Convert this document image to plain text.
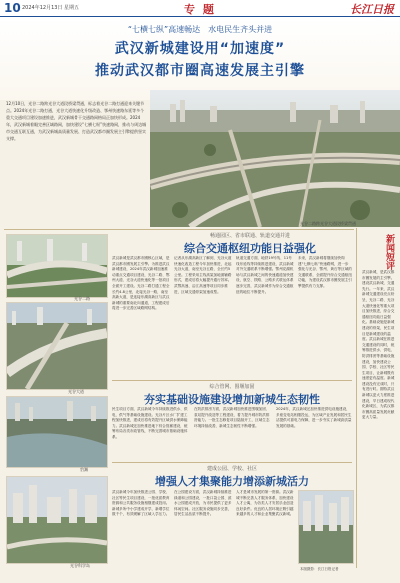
10 2024年12月13日 星期五	专 题	长江日报
“七横七纵”高速畅达　水电民生齐头并进
武汉新城建设用“加速度”
推动武汉都市圈高速发展主引擎
光谷二路跨光谷大道段桥梁贯通
12月10日，光谷二路跨光谷大道段桥梁贯通，标志着光谷二路打通迎来关键节点。2024年光谷二路打通，光谷大道快速化升级改造、鄂州快速路东延等多个重大交通项目建设加速推进，武汉新城骨干交通路网格局正加快形成。2024年，武汉新城着眼完善区域路网，加快建设“七横七纵”快速路网，推动与周边城市交通互联互通，为武汉新城高质量发展、打造武汉都市圈发展主引擎提供坚实支撑。
畅通园区、省市联通、轨道交通并进
综合交通枢纽功能日益强化
光谷二路
光谷大道
武汉新城是武汉都市圈核心区域，是武汉都市圈发展主引擎。为推进武汉新城建设，2024年武汉新城加速推动重点交通项目建设，光谷二路、鄂州大道、光谷大道快速化等一批项目全面开工建设。光谷二路打通工程全长约4.8公里，北接光谷一路，南至高新大道，是连接东湖高新区与武汉新城的重要南北向通道，工程建成后将进一步完善区域路网结构。
记者从东湖高新区了解到，光谷大道快速化改造工程今年加快推进，北起光谷大道，南至光谷五路，全长约5公里。工程采用主线高架加地面辅路形式，建成后将大幅提升通行效率。武鄂高速、沿江高速等项目同步推进，区域交通骨架加速成型。
轨道交通方面，地铁19号线、11号线东延线等持续推进建设，武汉新城对外交通联系不断增强。鄂州花湖机场与武汉新城之间的快速通道加快建设，航空、铁路、公路多式联运体系逐步完善，武汉新城作为综合交通枢纽的地位不断提升。
未来，武汉新城将继续加快构建“七横七纵”快速路网，进一步强化与光谷、鄂州、黄石等区域的交通联系，全面提升综合交通枢纽功能，为建设武汉都市圈发展主引擎提供有力支撑。
综合管网、围堰加固
夯实基础设施建设增加新城生态韧性
民生项目方面，武汉新城今年持续推进供水、供电、供气等基础设施建设。光谷片区水厂扩建工程加快推进，建成后将有效提升区域供水保障能力。武汉新城还加快推进地下综合管廊建设，统筹布局各类市政管线，不断完善城市基础设施体系。
在防洪排涝方面，武汉新城加快推进围堰加固、泵站提升改造等工程建设，着力提升城市防洪排涝能力。一批生态修复项目陆续开工，区域生态环境持续改善，新城生态韧性不断增强。
2024年，武汉新城还加快推进供电设施建设，多座变电站相继投运，为区域产业发展和居民生活提供可靠电力保障，进一步夯实了新城高质量发展的基础。
豹澥	建成公园、学校、社区
增强人才集聚能力增添新城活力
光谷科学岛
武汉新城今年加快推进公园、学校、社区等民生项目建设，一批优质教育资源和公共服务设施相继建成投用。新城多所中小学建成开学，新增学位数千个，有效缓解了区域入学压力。
在公园建设方面，武汉新城持续推进绿道和公园建设，一批口袋公园、滨水公园建成开放，为市民提供了更多休闲空间。社区服务设施同步完善，居民生活品质不断提升。
人才是城市发展的第一资源。武汉新城不断完善人才服务体系，加快建设人才公寓，为各类人才安居乐业创造良好条件。优良的人居环境正吸引越来越多的人才和企业集聚武汉新城。
新闻短评
武汉新城，是武汉都市圈发展的主引擎。建设武汉新城，交通先行。一年来，武汉新城交通建设亮点纷呈，光谷二路、光谷大道快速化等重大项目加快推进，综合交通枢纽功能日益强化。基础设施是新城建设的骨架，民生项目是新城建设的温度。武汉新城在推进交通建设的同时，统筹推进供水、供电、防洪排涝等基础设施建设，加快建设公园、学校、社区等民生项目，让新城既有速度更有温度。新城建设没有完成时，只有进行时。期待武汉新城以更大力度推进建设，早日建成现代化新城区，为武汉都市圈高质量发展贡献更大力量。
本版摄影：长江日报记者
